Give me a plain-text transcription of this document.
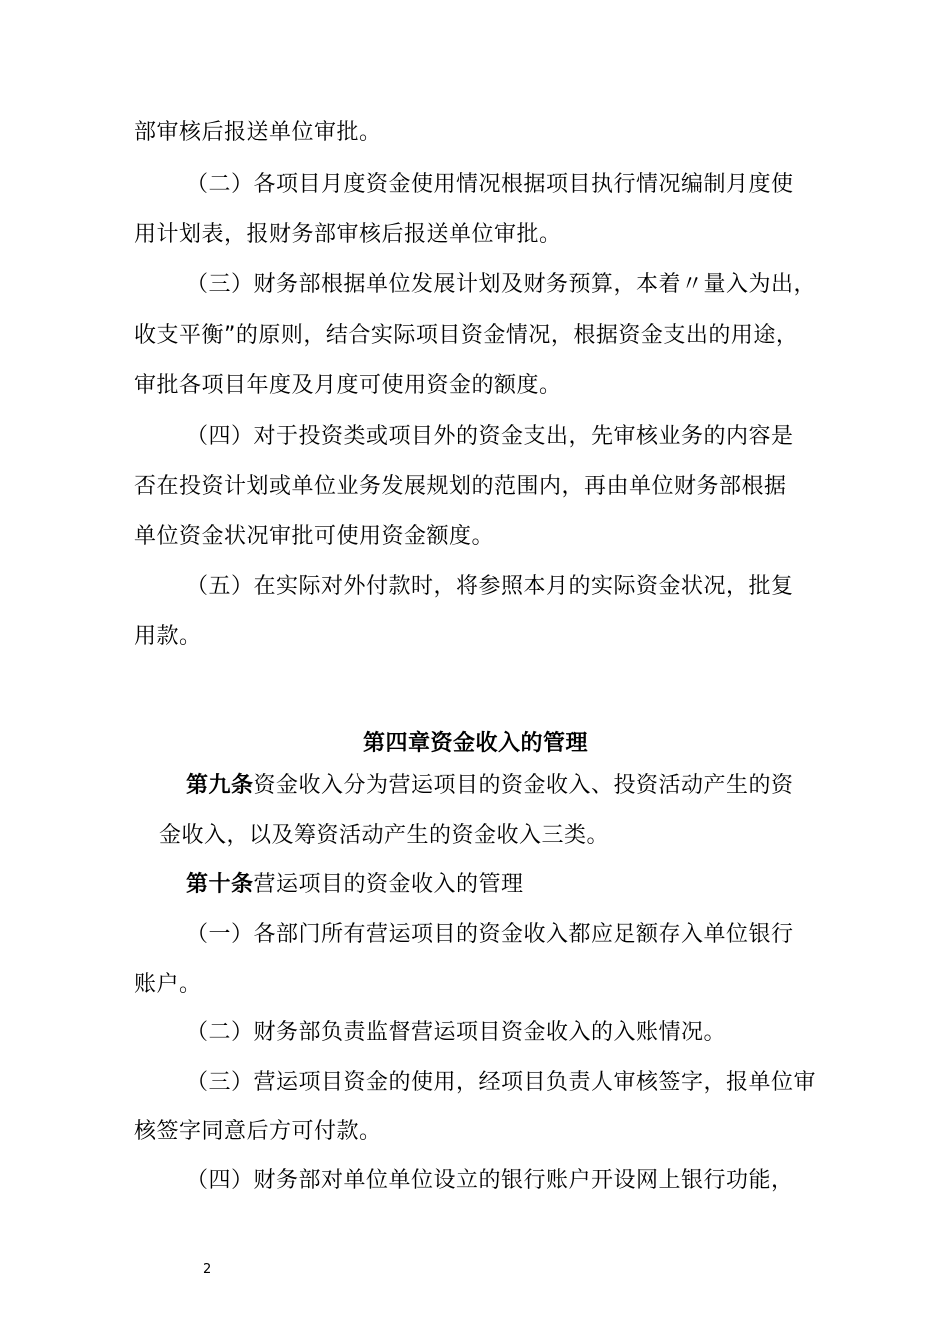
部审核后报送单位审批。
（二）各项目月度资金使用情况根据项目执行情况编制月度使
用计划表，报财务部审核后报送单位审批。
（三）财务部根据单位发展计划及财务预算，本着〃量入为出，
收支平衡”的原则，结合实际项目资金情况，根据资金支出的用途，
审批各项目年度及月度可使用资金的额度。
（四）对于投资类或项目外的资金支出，先审核业务的内容是
否在投资计划或单位业务发展规划的范围内，再由单位财务部根据
单位资金状况审批可使用资金额度。
（五）在实际对外付款时，将参照本月的实际资金状况，批复
用款。
第四章资金收入的管理
第九条资金收入分为营运项目的资金收入、投资活动产生的资
金收入，以及筹资活动产生的资金收入三类。
第十条营运项目的资金收入的管理
（一）各部门所有营运项目的资金收入都应足额存入单位银行
账户。
（二）财务部负责监督营运项目资金收入的入账情况。
（三）营运项目资金的使用，经项目负责人审核签字，报单位审
核签字同意后方可付款。
（四）财务部对单位单位设立的银行账户开设网上银行功能，
2
